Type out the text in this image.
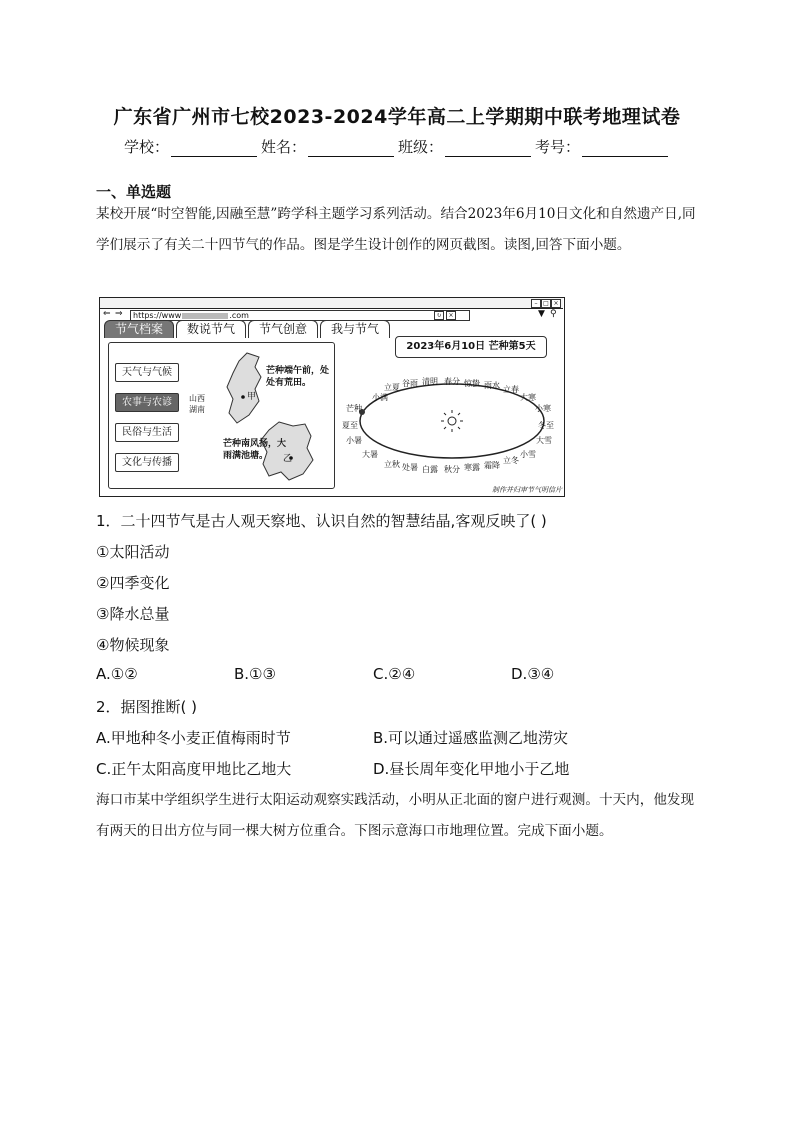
广东省广州市七校2023-2024学年高二上学期期中联考地理试卷
学校：	姓名：	班级：	考号：
一、单选题
某校开展“时空智能,因融至慧”跨学科主题学习系列活动。结合2023年6月10日文化和自然遗产日,同学们展示了有关二十四节气的作品。图是学生设计创作的网页截图。读图,回答下面小题。
– □ ×
⇐ ⇒	https://www	.com	↻	×	▼ ⚲
节气档案	数说节气	节气创意	我与节气
天气与气候
农事与农谚
民俗与生活
文化与传播
山西
湖南
甲
芒种端午前，处处有荒田。
乙
芒种南风扬，大雨满池塘。
2023年6月10日 芒种第5天
小满
立夏 谷雨 清明 春分 惊蛰 雨水 立春
芒种
夏至
小暑
大暑
大寒
小寒
冬至
大雪
小雪
立秋 处暑 白露 秋分 寒露 霜降
立冬
制作并归审节气明信片
1．二十四节气是古人观天察地、认识自然的智慧结晶,客观反映了( )
①太阳活动
②四季变化
③降水总量
④物候现象
A.①②	B.①③	C.②④	D.③④
2．据图推断( )
A.甲地种冬小麦正值梅雨时节	B.可以通过遥感监测乙地涝灾
C.正午太阳高度甲地比乙地大	D.昼长周年变化甲地小于乙地
海口市某中学组织学生进行太阳运动观察实践活动，小明从正北面的窗户进行观测。十天内，他发现有两天的日出方位与同一棵大树方位重合。下图示意海口市地理位置。完成下面小题。
